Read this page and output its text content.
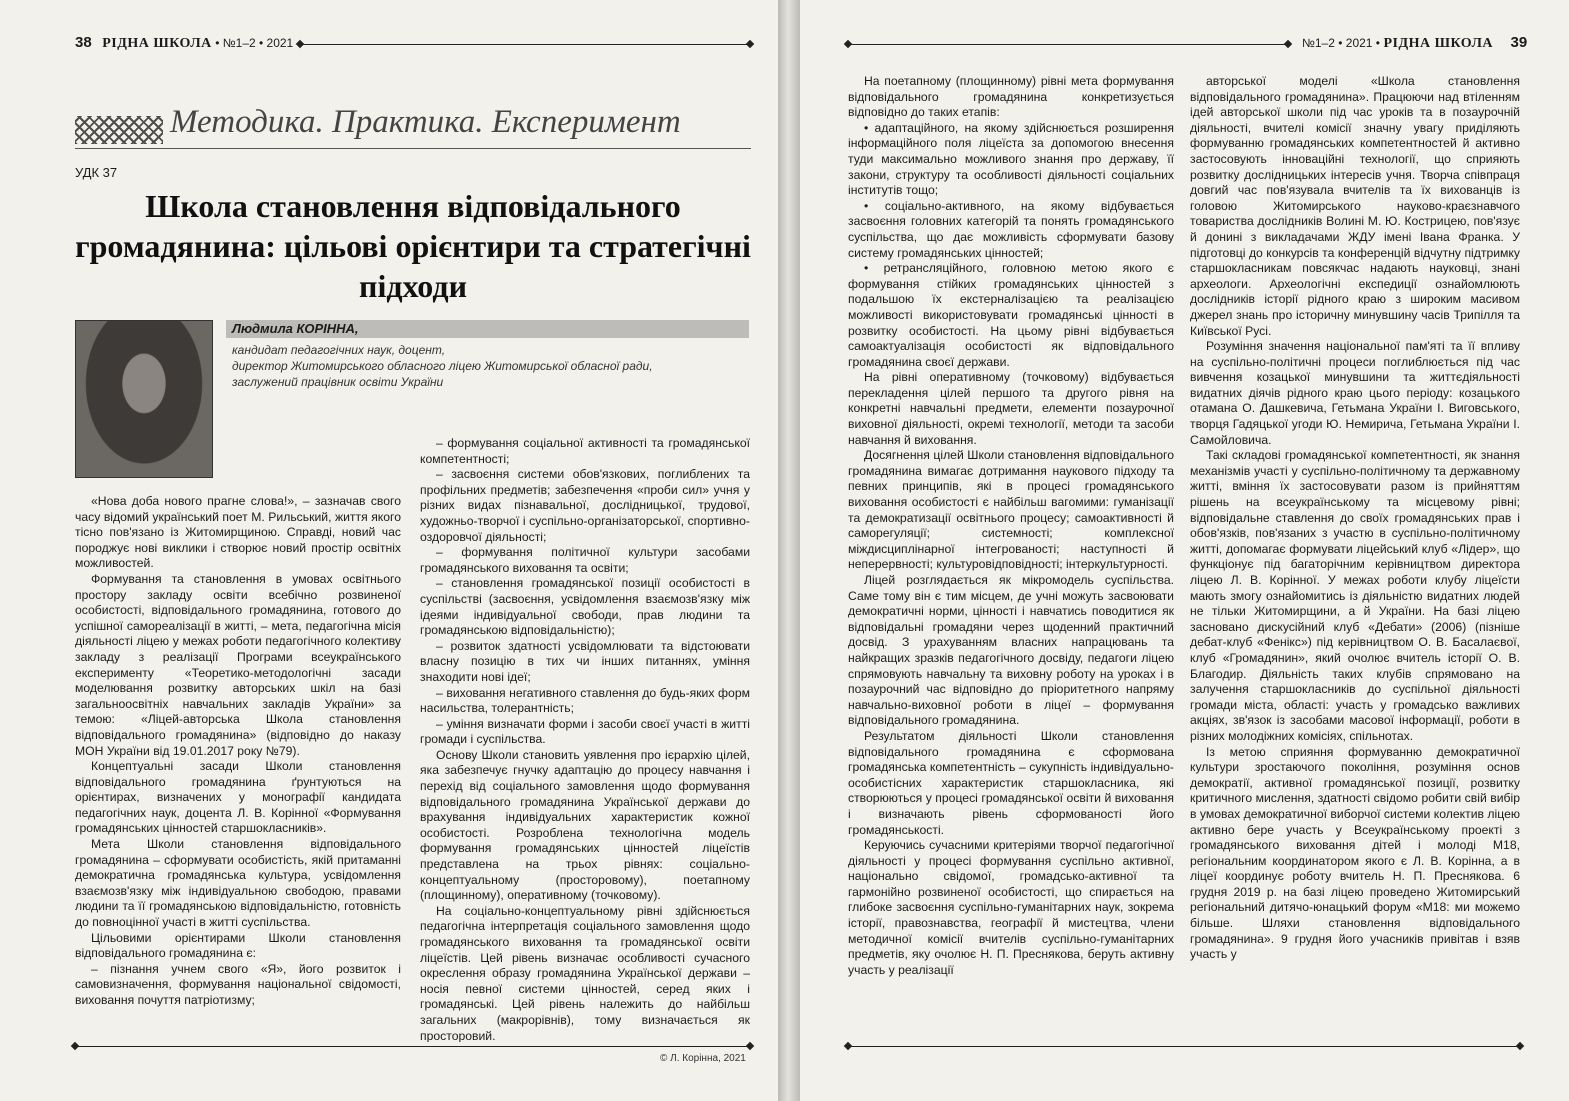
38 РІДНА ШКОЛА • №1–2 • 2021
Методика. Практика. Експеримент
УДК 37
Школа становлення відповідального громадянина: цільові орієнтири та стратегічні підходи
Людмила КОРІННА,
кандидат педагогічних наук, доцент,
директор Житомирського обласного ліцею Житомирської обласної ради,
заслужений працівник освіти України

«Нова доба нового прагне слова!», – зазначав свого часу відомий український поет М. Рильський, життя якого тісно пов'язано із Житомирщиною. Справді, новий час породжує нові виклики і створює новий простір освітніх можливостей.

Формування та становлення в умовах освітнього простору закладу освіти всебічно розвиненої особистості, відповідального громадянина, готового до успішної самореалізації в житті, – мета, педагогічна місія діяльності ліцею у межах роботи педагогічного колективу закладу з реалізації Програми всеукраїнського експерименту «Теоретико-методологічні засади моделювання розвитку авторських шкіл на базі загальноосвітніх навчальних закладів України» за темою: «Ліцей-авторська Школа становлення відповідального громадянина» (відповідно до наказу МОН України від 19.01.2017 року №79).

Концептуальні засади Школи становлення відповідального громадянина ґрунтуються на орієнтирах, визначених у монографії кандидата педагогічних наук, доцента Л. В. Корінної «Формування громадянських цінностей старшокласників».

Мета Школи становлення відповідального громадянина – сформувати особистість, якій притаманні демократична громадянська культура, усвідомлення взаємозв'язку між індивідуальною свободою, правами людини та її громадянською відповідальністю, готовність до повноцінної участі в житті суспільства.

Цільовими орієнтирами Школи становлення відповідального громадянина є:

– пізнання учнем свого «Я», його розвиток і самовизначення, формування національної свідомості, виховання почуття патріотизму;

– формування соціальної активності та громадянської компетентності;

– засвоєння системи обов'язкових, поглиблених та профільних предметів; забезпечення «проби сил» учня у різних видах пізнавальної, дослідницької, трудової, художньо-творчої і суспільно-організаторської, спортивно-оздоровчої діяльності;

– формування політичної культури засобами громадянського виховання та освіти;

– становлення громадянської позиції особистості в суспільстві (засвоєння, усвідомлення взаємозв'язку між ідеями індивідуальної свободи, прав людини та громадянською відповідальністю);

– розвиток здатності усвідомлювати та відстоювати власну позицію в тих чи інших питаннях, уміння знаходити нові ідеї;

– виховання негативного ставлення до будь-яких форм насильства, толерантність;

– уміння визначати форми і засоби своєї участі в житті громади і суспільства.

Основу Школи становить уявлення про ієрархію цілей, яка забезпечує гнучку адаптацію до процесу навчання і перехід від соціального замовлення щодо формування відповідального громадянина Української держави до врахування індивідуальних характеристик кожної особистості. Розроблена технологічна модель формування громадянських цінностей ліцеїстів представлена на трьох рівнях: соціально-концептуальному (просторовому), поетапному (площинному), оперативному (точковому).

На соціально-концептуальному рівні здійснюється педагогічна інтерпретація соціального замовлення щодо громадянського виховання та громадянської освіти ліцеїстів. Цей рівень визначає особливості сучасного окреслення образу громадянина Української держави – носія певної системи цінностей, серед яких і громадянські. Цей рівень належить до найбільш загальних (макрорівнів), тому визначається як просторовий.

© Л. Корінна, 2021
№1–2 • 2021 • РІДНА ШКОЛА 39

На поетапному (площинному) рівні мета формування відповідального громадянина конкретизується відповідно до таких етапів:

• адаптаційного, на якому здійснюється розширення інформаційного поля ліцеїста за допомогою внесення туди максимально можливого знання про державу, її закони, структуру та особливості діяльності соціальних інститутів тощо;

• соціально-активного, на якому відбувається засвоєння головних категорій та понять громадянського суспільства, що дає можливість сформувати базову систему громадянських цінностей;

• ретрансляційного, головною метою якого є формування стійких громадянських цінностей з подальшою їх екстерналізацією та реалізацією можливості використовувати громадянські цінності в розвитку особистості. На цьому рівні відбувається самоактуалізація особистості як відповідального громадянина своєї держави.

На рівні оперативному (точковому) відбувається перекладення цілей першого та другого рівня на конкретні навчальні предмети, елементи позаурочної виховної діяльності, окремі технології, методи та засоби навчання й виховання.

Досягнення цілей Школи становлення відповідального громадянина вимагає дотримання наукового підходу та певних принципів, які в процесі громадянського виховання особистості є найбільш вагомими: гуманізації та демократизації освітнього процесу; самоактивності й саморегуляції; системності; комплексної міждисциплінарної інтегрованості; наступності й неперервності; культуровідповідності; інтеркультурності.

Ліцей розглядається як мікромодель суспільства. Саме тому він є тим місцем, де учні можуть засвоювати демократичні норми, цінності і навчатись поводитися як відповідальні громадяни через щоденний практичний досвід. З урахуванням власних напрацювань та найкращих зразків педагогічного досвіду, педагоги ліцею спрямовують навчальну та виховну роботу на уроках і в позаурочний час відповідно до пріоритетного напряму навчально-виховної роботи в ліцеї – формування відповідального громадянина.

Результатом діяльності Школи становлення відповідального громадянина є сформована громадянська компетентність – сукупність індивідуально-особистісних характеристик старшокласника, які створюються у процесі громадянської освіти й виховання і визначають рівень сформованості його громадянськості.

Керуючись сучасними критеріями творчої педагогічної діяльності у процесі формування суспільно активної, національно свідомої, громадсько-активної та гармонійно розвиненої особистості, що спирається на глибоке засвоєння суспільно-гуманітарних наук, зокрема історії, правознавства, географії й мистецтва, члени методичної комісії вчителів суспільно-гуманітарних предметів, яку очолює Н. П. Преснякова, беруть активну участь у реалізації

авторської моделі «Школа становлення відповідального громадянина». Працюючи над втіленням ідей авторської школи під час уроків та в позаурочній діяльності, вчителі комісії значну увагу приділяють формуванню громадянських компетентностей й активно застосовують інноваційні технології, що сприяють розвитку дослідницьких інтересів учня. Творча співпраця довгий час пов'язувала вчителів та їх вихованців із головою Житомирського науково-краєзнавчого товариства дослідників Волині М. Ю. Кострицею, пов'язує й донині з викладачами ЖДУ імені Івана Франка. У підготовці до конкурсів та конференцій відчутну підтримку старшокласникам повсякчас надають науковці, знані археологи. Археологічні експедиції ознайомлюють дослідників історії рідного краю з широким масивом джерел знань про історичну минувшину часів Трипілля та Київської Русі.

Розуміння значення національної пам'яті та її впливу на суспільно-політичні процеси поглиблюється під час вивчення козацької минувшини та життєдіяльності видатних діячів рідного краю цього періоду: козацького отамана О. Дашкевича, Гетьмана України І. Виговського, творця Гадяцької угоди Ю. Немирича, Гетьмана України І. Самойловича.

Такі складові громадянської компетентності, як знання механізмів участі у суспільно-політичному та державному житті, вміння їх застосовувати разом із прийняттям рішень на всеукраїнському та місцевому рівні; відповідальне ставлення до своїх громадянських прав і обов'язків, пов'язаних з участю в суспільно-політичному житті, допомагає формувати ліцейський клуб «Лідер», що функціонує під багаторічним керівництвом директора ліцею Л. В. Корінної. У межах роботи клубу ліцеїсти мають змогу ознайомитись із діяльністю видатних людей не тільки Житомирщини, а й України. На базі ліцею засновано дискусійний клуб «Дебати» (2006) (пізніше дебат-клуб «Фенікс») під керівництвом О. В. Басалаєвої, клуб «Громадянин», який очолює вчитель історії О. В. Благодир. Діяльність таких клубів спрямовано на залучення старшокласників до суспільної діяльності громади міста, області: участь у громадсько важливих акціях, зв'язок із засобами масової інформації, роботи в різних молодіжних комісіях, спільнотах.

Із метою сприяння формуванню демократичної культури зростаючого покоління, розуміння основ демократії, активної громадянської позиції, розвитку критичного мислення, здатності свідомо робити свій вибір в умовах демократичної виборчої системи колектив ліцею активно бере участь у Всеукраїнському проекті з громадянського виховання дітей і молоді М18, регіональним координатором якого є Л. В. Корінна, а в ліцеї координує роботу вчитель Н. П. Преснякова. 6 грудня 2019 р. на базі ліцею проведено Житомирський регіональний дитячо-юнацький форум «М18: ми можемо більше. Шляхи становлення відповідального громадянина». 9 грудня його учасників привітав і взяв участь у
